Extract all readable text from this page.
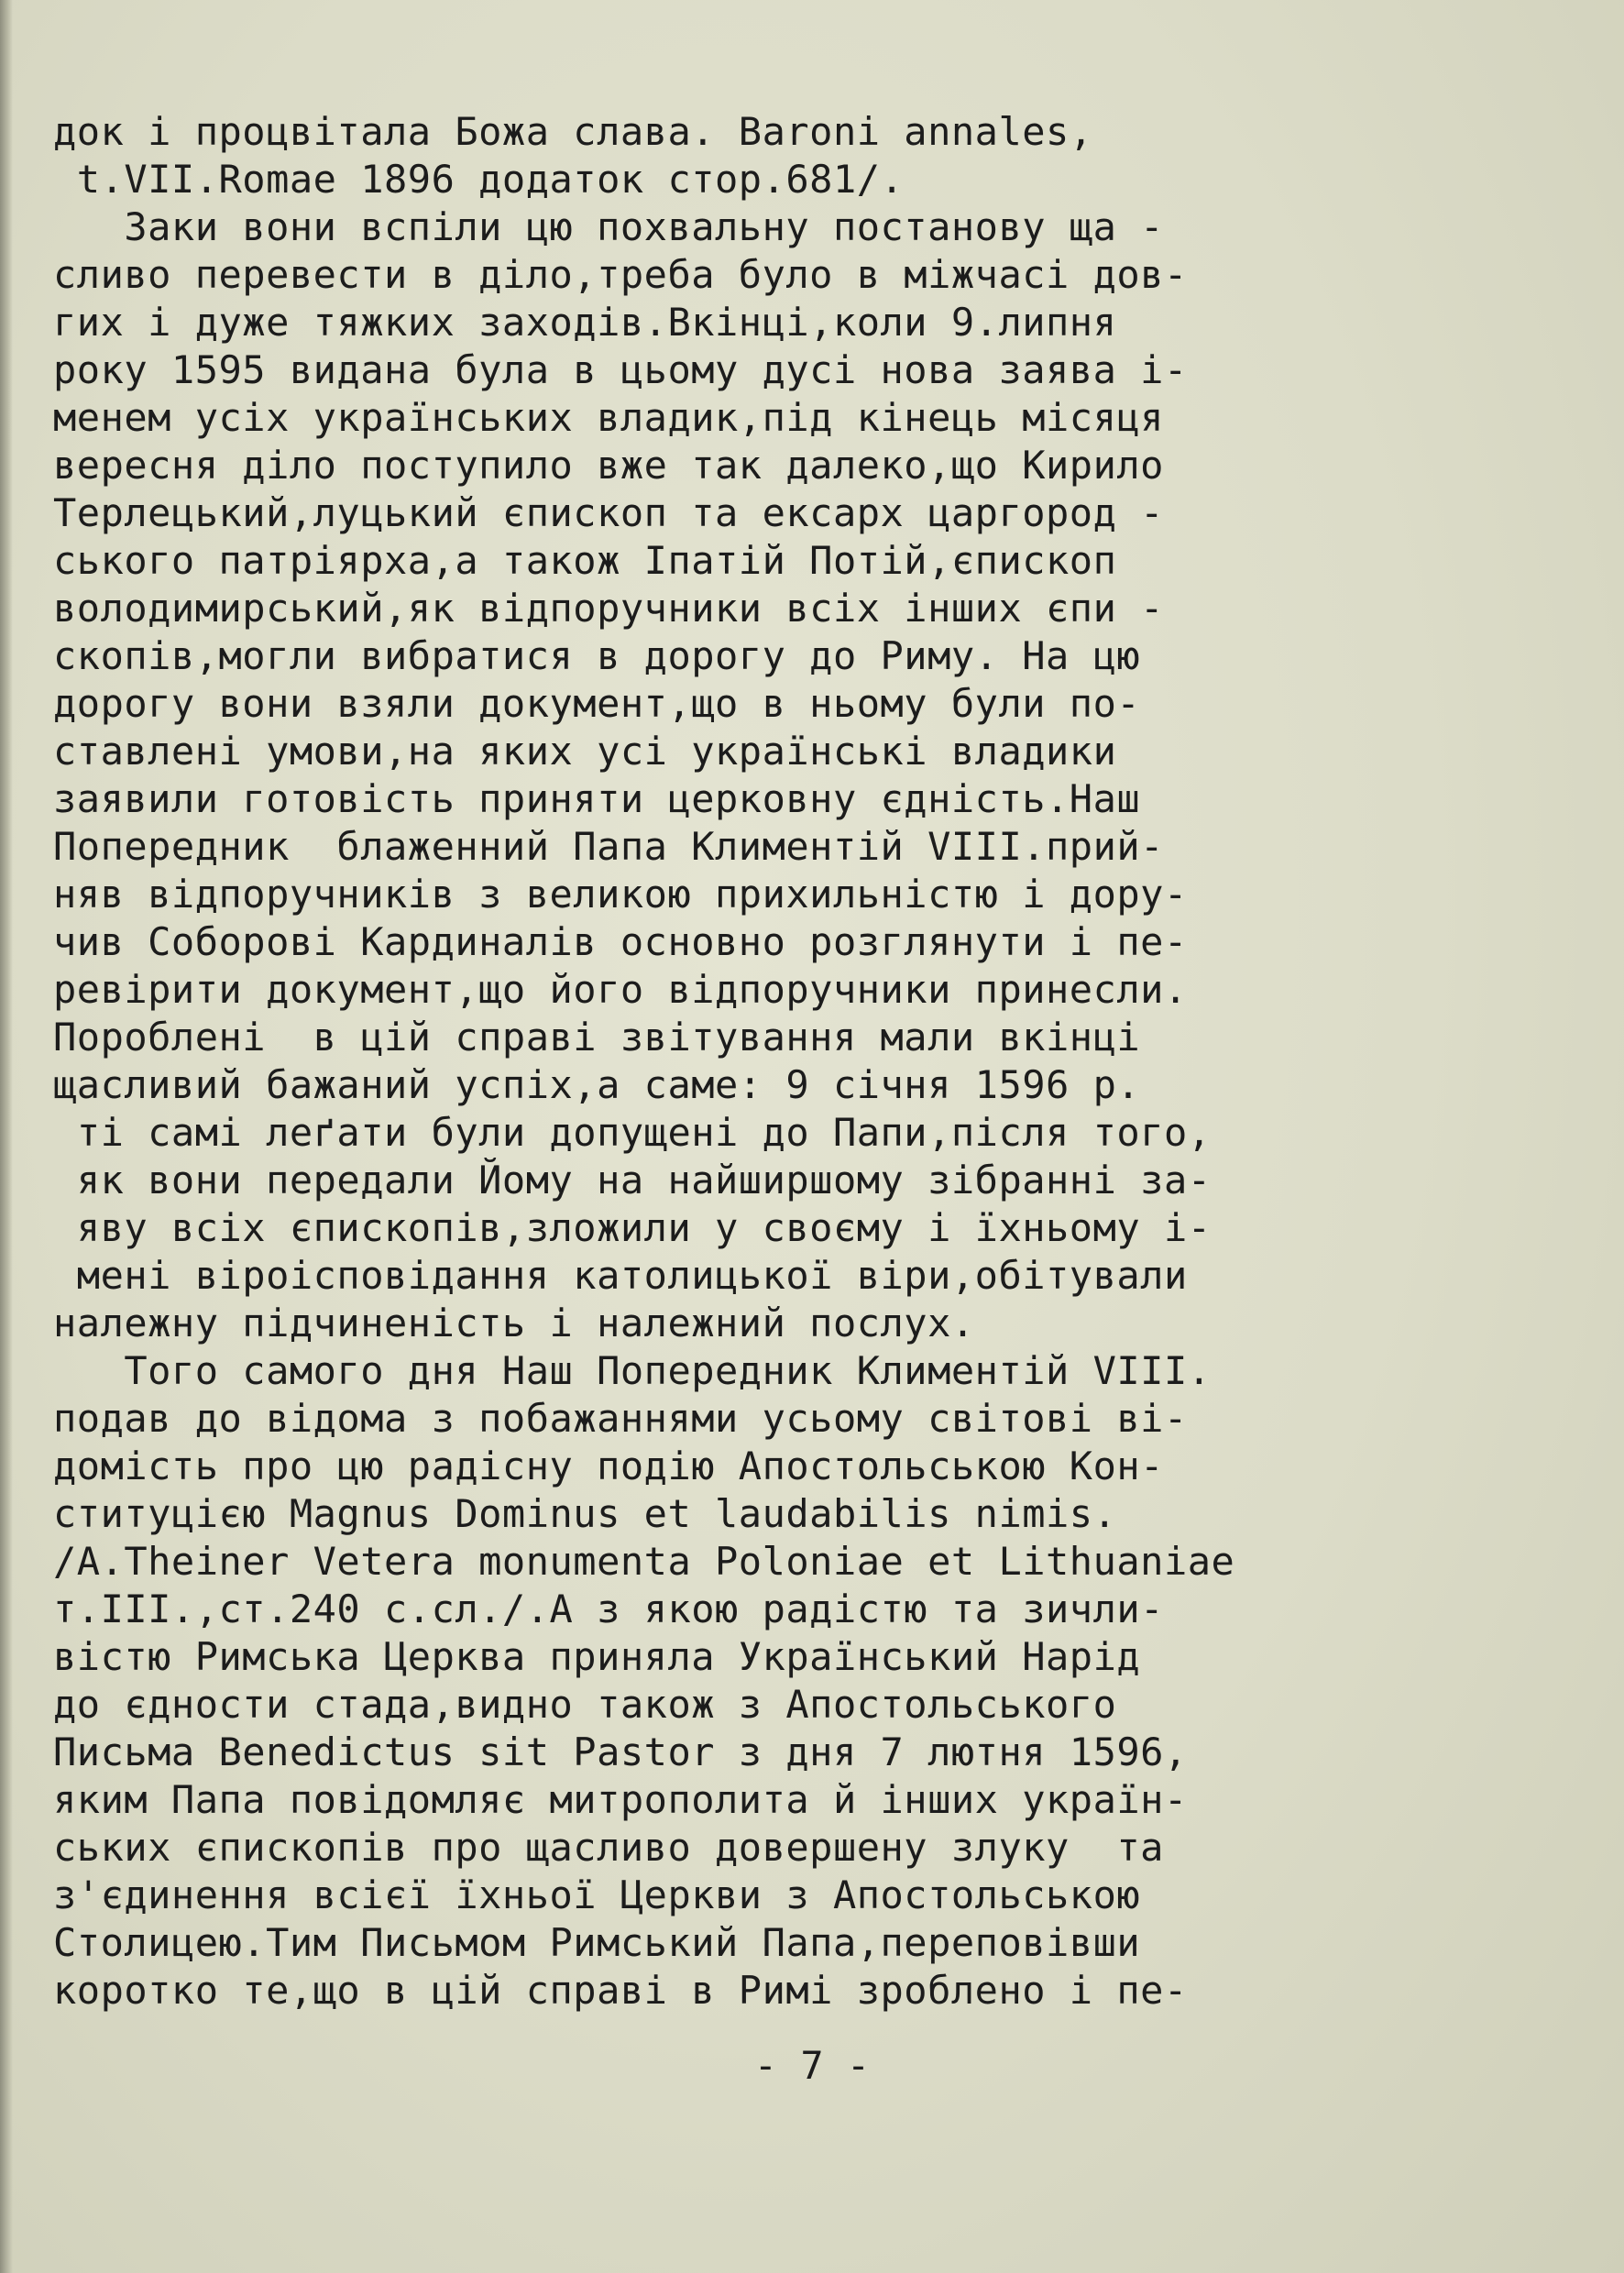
док і процвітала Божа слава. Baroni annales,
t.VII.Romae 1896 додаток стор.681/.
Заки вони вспіли цю похвальну постанову ща -
сливо перевести в діло,треба було в міжчасі дов-
гих і дуже тяжких заходів.Вкінці,коли 9.липня
року 1595 видана була в цьому дусі нова заява і-
менем усіх українських владик,під кінець місяця
вересня діло поступило вже так далеко,що Кирило
Терлецький,луцький єпископ та ексарх царгород -
ського патріярха,а також Іпатій Потій,єпископ
володимирський,як відпоручники всіх інших єпи -
скопів,могли вибратися в дорогу до Риму. На цю
дорогу вони взяли документ,що в ньому були по-
ставлені умови,на яких усі українські владики
заявили готовість приняти церковну єдність.Наш
Попередник  блаженний Папа Климентій VIII.прий-
няв відпоручників з великою прихильністю і дору-
чив Соборові Кардиналів основно розглянути і пе-
ревірити документ,що його відпоручники принесли.
Пороблені  в цій справі звітування мали вкінці
щасливий бажаний успіх,а саме: 9 січня 1596 р.
ті самі леґати були допущені до Папи,після того,
як вони передали Йому на найширшому зібранні за-
яву всіх єпископів,зложили у своєму і їхньому і-
мені віроісповідання католицької віри,обітували
належну підчиненість і належний послух.
Того самого дня Наш Попередник Климентій VIII.
подав до відома з побажаннями усьому світові ві-
домість про цю радісну подію Апостольською Кон-
ституцією Magnus Dominus et laudabilis nimis.
/A.Theiner Vetera monumenta Poloniae et Lithuaniae
т.III.,ст.240 с.сл./.А з якою радістю та зичли-
вістю Римська Церква приняла Український Нарід
до єдности стада,видно також з Апостольського
Письма Benedictus sit Pastor з дня 7 лютня 1596,
яким Папа повідомляє митрополита й інших україн-
ських єпископів про щасливо довершену злуку  та
з'єдинення всієї їхньої Церкви з Апостольською
Столицею.Тим Письмом Римський Папа,переповівши
коротко те,що в цій справі в Римі зроблено і пе-
- 7 -
